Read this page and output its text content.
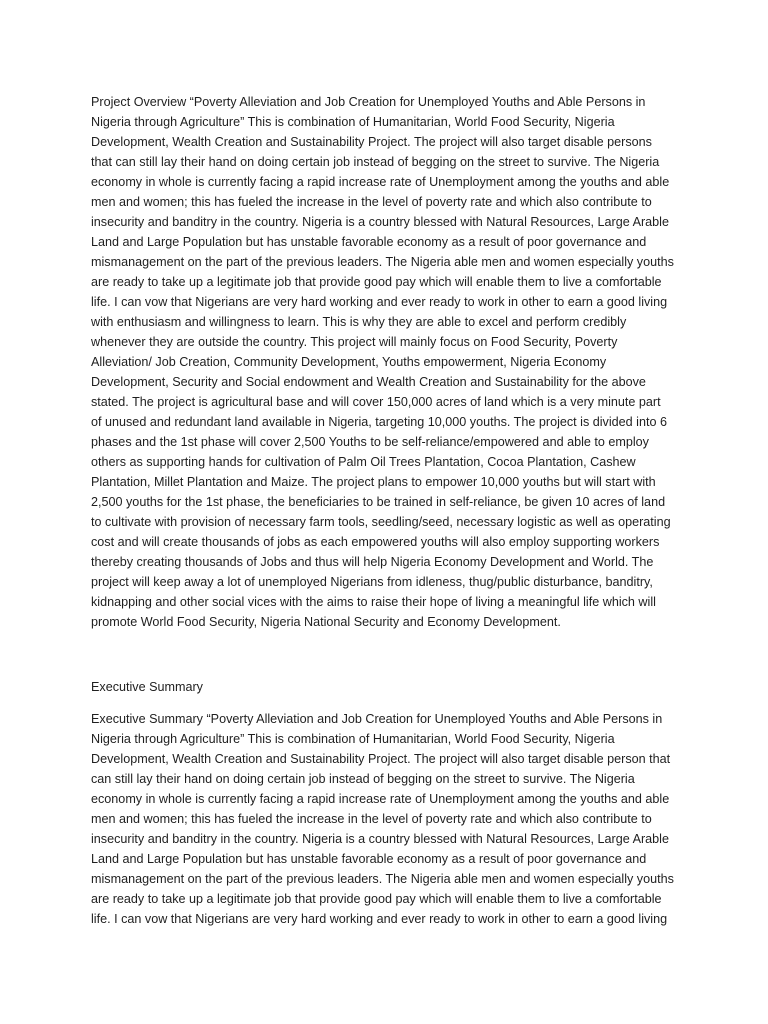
Project Overview “Poverty Alleviation and Job Creation for Unemployed Youths and Able Persons in
Nigeria through Agriculture” This is combination of Humanitarian, World Food Security, Nigeria
Development, Wealth Creation and Sustainability Project. The project will also target disable persons
that can still lay their hand on doing certain job instead of begging on the street to survive. The Nigeria
economy in whole is currently facing a rapid increase rate of Unemployment among the youths and able
men and women; this has fueled the increase in the level of poverty rate and which also contribute to
insecurity and banditry in the country. Nigeria is a country blessed with Natural Resources, Large Arable
Land and Large Population but has unstable favorable economy as a result of poor governance and
mismanagement on the part of the previous leaders. The Nigeria able men and women especially youths
are ready to take up a legitimate job that provide good pay which will enable them to live a comfortable
life. I can vow that Nigerians are very hard working and ever ready to work in other to earn a good living
with enthusiasm and willingness to learn. This is why they are able to excel and perform credibly
whenever they are outside the country. This project will mainly focus on Food Security, Poverty
Alleviation/ Job Creation, Community Development, Youths empowerment, Nigeria Economy
Development, Security and Social endowment and Wealth Creation and Sustainability for the above
stated. The project is agricultural base and will cover 150,000 acres of land which is a very minute part
of unused and redundant land available in Nigeria, targeting 10,000 youths. The project is divided into 6
phases and the 1st phase will cover 2,500 Youths to be self-reliance/empowered and able to employ
others as supporting hands for cultivation of Palm Oil Trees Plantation, Cocoa Plantation, Cashew
Plantation, Millet Plantation and Maize. The project plans to empower 10,000 youths but will start with
2,500 youths for the 1st phase, the beneficiaries to be trained in self-reliance, be given 10 acres of land
to cultivate with provision of necessary farm tools, seedling/seed, necessary logistic as well as operating
cost and will create thousands of jobs as each empowered youths will also employ supporting workers
thereby creating thousands of Jobs and thus will help Nigeria Economy Development and World. The
project will keep away a lot of unemployed Nigerians from idleness, thug/public disturbance, banditry,
kidnapping and other social vices with the aims to raise their hope of living a meaningful life which will
promote World Food Security, Nigeria National Security and Economy Development.
Executive Summary
Executive Summary “Poverty Alleviation and Job Creation for Unemployed Youths and Able Persons in
Nigeria through Agriculture” This is combination of Humanitarian, World Food Security, Nigeria
Development, Wealth Creation and Sustainability Project. The project will also target disable person that
can still lay their hand on doing certain job instead of begging on the street to survive. The Nigeria
economy in whole is currently facing a rapid increase rate of Unemployment among the youths and able
men and women; this has fueled the increase in the level of poverty rate and which also contribute to
insecurity and banditry in the country. Nigeria is a country blessed with Natural Resources, Large Arable
Land and Large Population but has unstable favorable economy as a result of poor governance and
mismanagement on the part of the previous leaders. The Nigeria able men and women especially youths
are ready to take up a legitimate job that provide good pay which will enable them to live a comfortable
life. I can vow that Nigerians are very hard working and ever ready to work in other to earn a good living
